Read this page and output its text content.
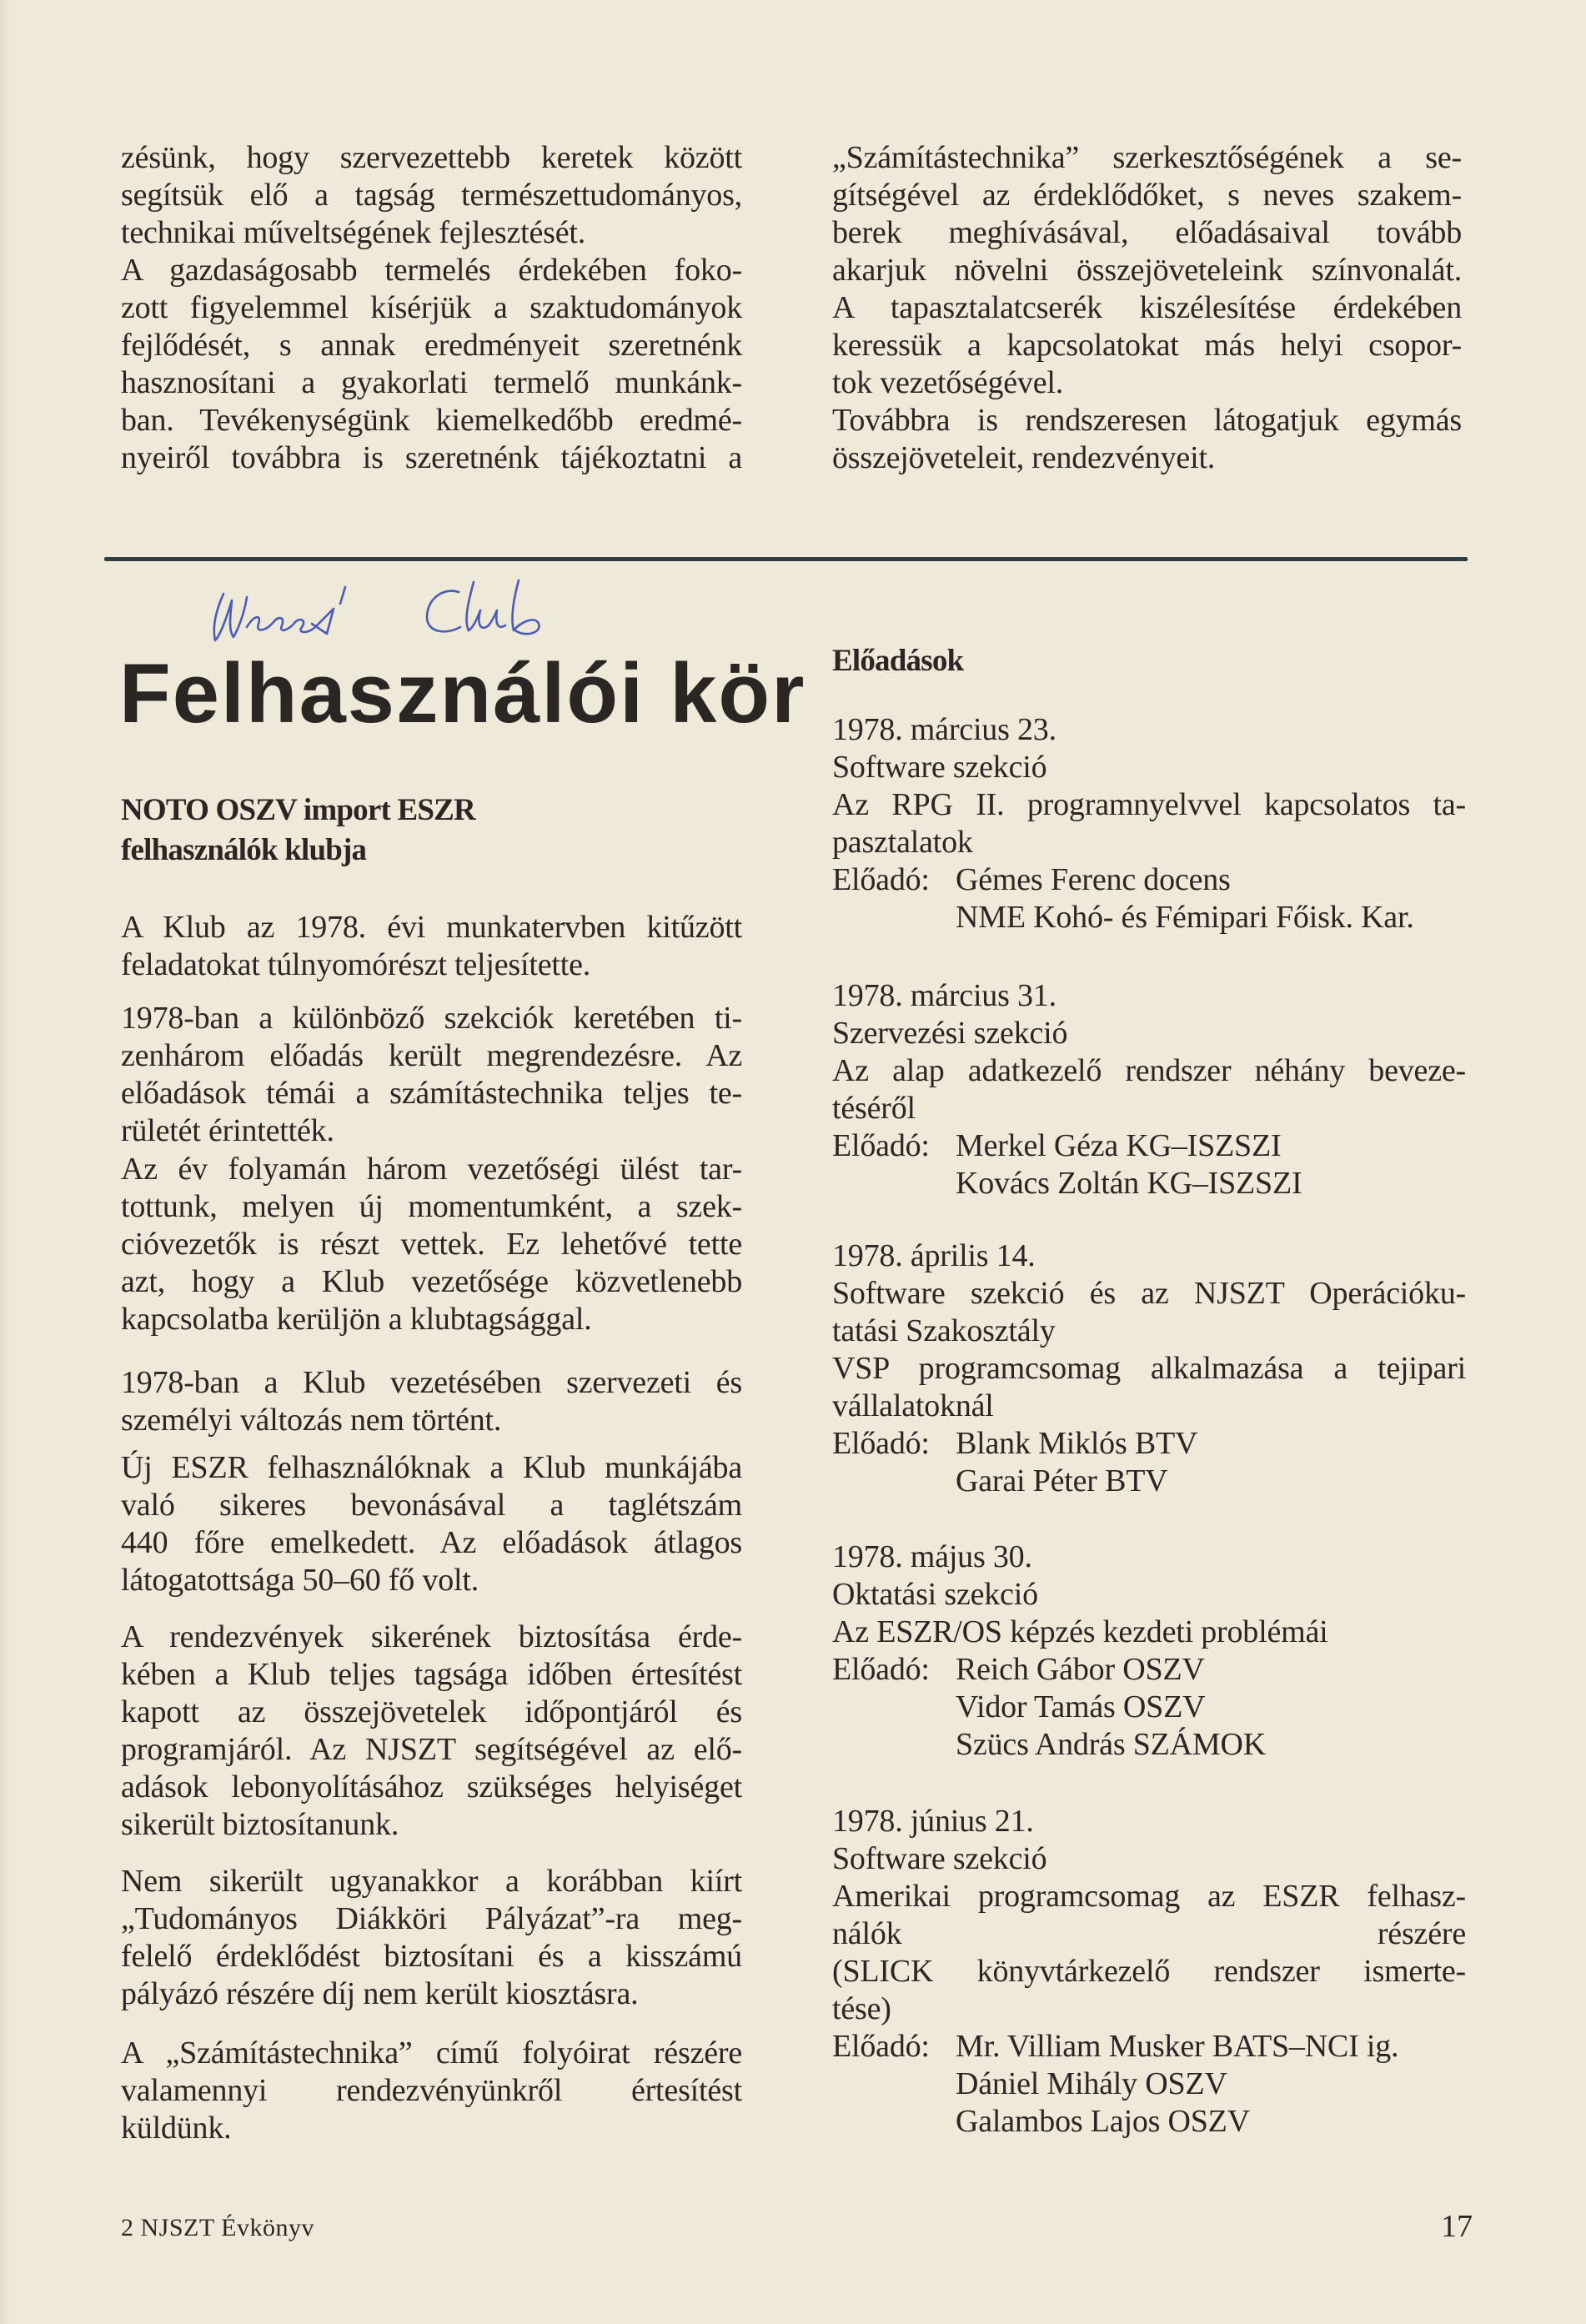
zésünk, hogy szervezettebb keretek között
segítsük elő a tagság természettudományos,
technikai műveltségének fejlesztését.
A gazdaságosabb termelés érdekében foko-
zott figyelemmel kísérjük a szaktudományok
fejlődését, s annak eredményeit szeretnénk
hasznosítani a gyakorlati termelő munkánk-
ban. Tevékenységünk kiemelkedőbb eredmé-
nyeiről továbbra is szeretnénk tájékoztatni a
„Számítástechnika” szerkesztőségének a se-
gítségével az érdeklődőket, s neves szakem-
berek meghívásával, előadásaival tovább
akarjuk növelni összejöveteleink színvonalát.
A tapasztalatcserék kiszélesítése érdekében
keressük a kapcsolatokat más helyi csopor-
tok vezetőségével.
Továbbra is rendszeresen látogatjuk egymás
összejöveteleit, rendezvényeit.
Felhasználói kör
NOTO OSZV import ESZR
felhasználók klubja
A Klub az 1978. évi munkatervben kitűzött
feladatokat túlnyomórészt teljesítette.
1978-ban a különböző szekciók keretében ti-
zenhárom előadás került megrendezésre. Az
előadások témái a számítástechnika teljes te-
rületét érintették.
Az év folyamán három vezetőségi ülést tar-
tottunk, melyen új momentumként, a szek-
cióvezetők is részt vettek. Ez lehetővé tette
azt, hogy a Klub vezetősége közvetlenebb
kapcsolatba kerüljön a klubtagsággal.
1978-ban a Klub vezetésében szervezeti és
személyi változás nem történt.
Új ESZR felhasználóknak a Klub munkájába
való sikeres bevonásával a taglétszám
440 főre emelkedett. Az előadások átlagos
látogatottsága 50–60 fő volt.
A rendezvények sikerének biztosítása érde-
kében a Klub teljes tagsága időben értesítést
kapott az összejövetelek időpontjáról és
programjáról. Az NJSZT segítségével az elő-
adások lebonyolításához szükséges helyiséget
sikerült biztosítanunk.
Nem sikerült ugyanakkor a korábban kiírt
„Tudományos Diákköri Pályázat”-ra meg-
felelő érdeklődést biztosítani és a kisszámú
pályázó részére díj nem került kiosztásra.
A „Számítástechnika” című folyóirat részére
valamennyi rendezvényünkről értesítést
küldünk.
Előadások
1978. március 23.
Software szekció
Az RPG II. programnyelvvel kapcsolatos ta-
pasztalatok
Előadó: Gémes Ferenc docens
NME Kohó- és Fémipari Főisk. Kar.
1978. március 31.
Szervezési szekció
Az alap adatkezelő rendszer néhány beveze-
téséről
Előadó: Merkel Géza KG–ISZSZI
Kovács Zoltán KG–ISZSZI
1978. április 14.
Software szekció és az NJSZT Operációku-
tatási Szakosztály
VSP programcsomag alkalmazása a tejipari
vállalatoknál
Előadó: Blank Miklós BTV
Garai Péter BTV
1978. május 30.
Oktatási szekció
Az ESZR/OS képzés kezdeti problémái
Előadó: Reich Gábor OSZV
Vidor Tamás OSZV
Szücs András SZÁMOK
1978. június 21.
Software szekció
Amerikai programcsomag az ESZR felhasz-
nálók részére
(SLICK könyvtárkezelő rendszer ismerte-
tése)
Előadó: Mr. Villiam Musker BATS–NCI ig.
Dániel Mihály OSZV
Galambos Lajos OSZV
2 NJSZT Évkönyv	17
